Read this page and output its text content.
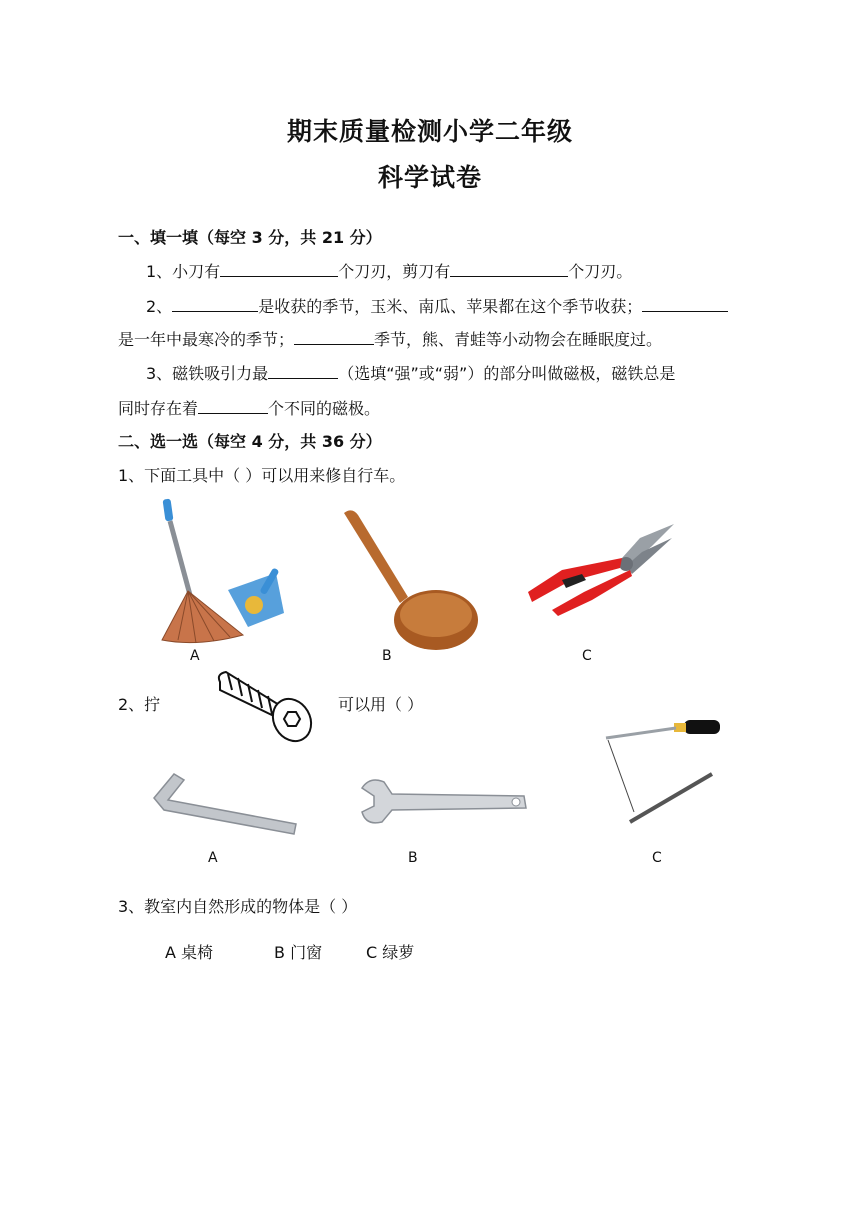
期末质量检测小学二年级
科学试卷
一、填一填（每空 3 分，共 21 分）
1、小刀有	个刀刃，剪刀有	个刀刃。
2、	是收获的季节，玉米、南瓜、苹果都在这个季节收获；
是一年中最寒冷的季节；	季节，熊、青蛙等小动物会在睡眠度过。
3、磁铁吸引力最	（选填“强”或“弱”）的部分叫做磁极，磁铁总是
同时存在着	个不同的磁极。
二、选一选（每空 4 分，共 36 分）
1、下面工具中（ ）可以用来修自行车。
A	B	C
2、拧	可以用（ ）
A	B	C
3、教室内自然形成的物体是（ ）
A 桌椅	B 门窗	C 绿萝
